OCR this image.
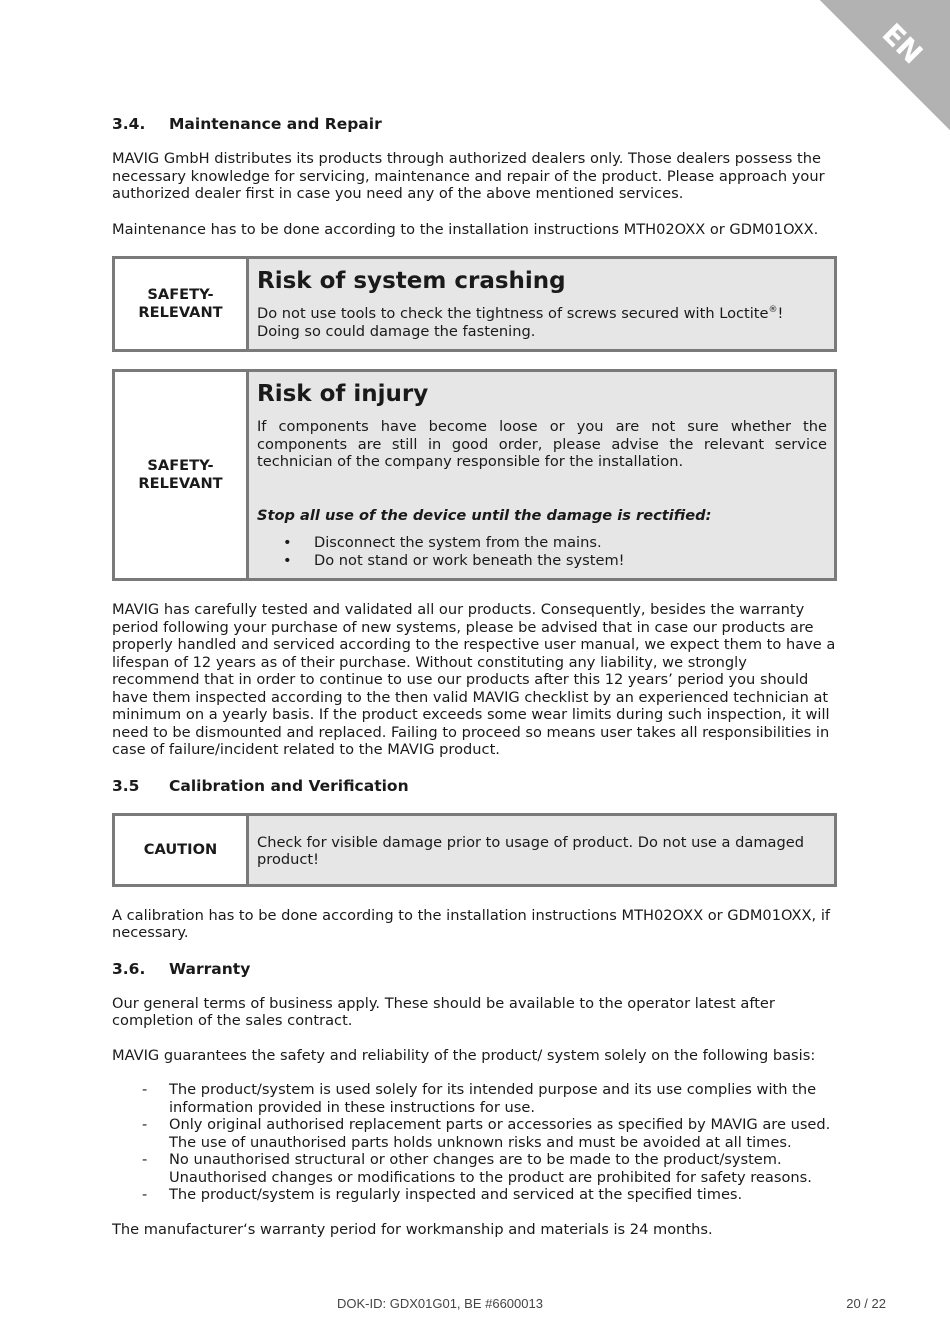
EN
3.4.	Maintenance and Repair

MAVIG GmbH distributes its products through authorized dealers only. Those dealers possess the necessary knowledge for servicing, maintenance and repair of the product. Please approach your authorized dealer first in case you need any of the above mentioned services.

Maintenance has to be done according to the installation instructions MTH02OXX or GDM01OXX.

SAFETY-
RELEVANT
Risk of system crashing

Do not use tools to check the tightness of screws secured with Loctite®! Doing so could damage the fastening.

SAFETY-
RELEVANT
Risk of injury

If components have become loose or you are not sure whether the components are still in good order, please advise the relevant service technician of the company responsible for the installation.

Stop all use of the device until the damage is rectified:

• Disconnect the system from the mains.
• Do not stand or work beneath the system!

MAVIG has carefully tested and validated all our products. Consequently, besides the warranty period following your purchase of new systems, please be advised that in case our products are properly handled and serviced according to the respective user manual, we expect them to have a lifespan of 12 years as of their purchase. Without constituting any liability, we strongly recommend that in order to continue to use our products after this 12 years’ period you should have them inspected according to the then valid MAVIG checklist by an experienced technician at minimum on a yearly basis. If the product exceeds some wear limits during such inspection, it will need to be dismounted and replaced. Failing to proceed so means user takes all responsibilities in case of failure/incident related to the MAVIG product.

3.5	Calibration and Verification
CAUTION	Check for visible damage prior to usage of product. Do not use a damaged product!

A calibration has to be done according to the installation instructions MTH02OXX or GDM01OXX, if necessary.

3.6.	Warranty

Our general terms of business apply. These should be available to the operator latest after completion of the sales contract.

MAVIG guarantees the safety and reliability of the product/ system solely on the following basis:

- The product/system is used solely for its intended purpose and its use complies with the information provided in these instructions for use.
- Only original authorised replacement parts or accessories as specified by MAVIG are used. The use of unauthorised parts holds unknown risks and must be avoided at all times.
- No unauthorised structural or other changes are to be made to the product/system. Unauthorised changes or modifications to the product are prohibited for safety reasons.
- The product/system is regularly inspected and serviced at the specified times.

The manufacturer‘s warranty period for workmanship and materials is 24 months.

DOK-ID: GDX01G01, BE #6600013	20 / 22
